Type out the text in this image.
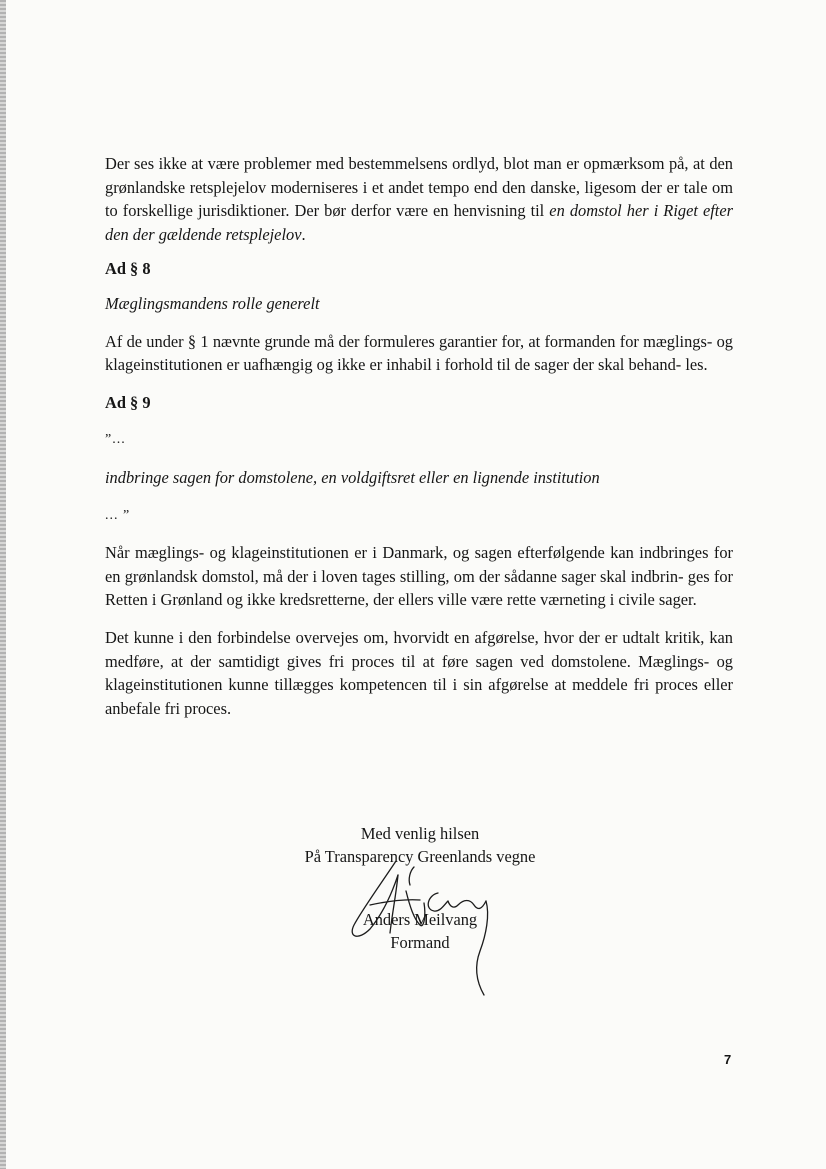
Der ses ikke at være problemer med bestemmelsens ordlyd, blot man er opmærksom på, at den grønlandske retsplejelov moderniseres i et andet tempo end den danske, ligesom der er tale om to forskellige jurisdiktioner. Der bør derfor være en henvisning til en domstol her i Riget efter den der gældende retsplejelov.

Ad § 8

Mæglingsmandens rolle generelt

Af de under § 1 nævnte grunde må der formuleres garantier for, at formanden for mæglings- og klageinstitutionen er uafhængig og ikke er inhabil i forhold til de sager der skal behand- les.

Ad § 9

”...

indbringe sagen for domstolene, en voldgiftsret eller en lignende institution

... ”

Når mæglings- og klageinstitutionen er i Danmark, og sagen efterfølgende kan indbringes for en grønlandsk domstol, må der i loven tages stilling, om der sådanne sager skal indbrin- ges for Retten i Grønland og ikke kredsretterne, der ellers ville være rette værneting i civile sager.

Det kunne i den forbindelse overvejes om, hvorvidt en afgørelse, hvor der er udtalt kritik, kan medføre, at der samtidigt gives fri proces til at føre sagen ved domstolene. Mæglings- og klageinstitutionen kunne tillægges kompetencen til i sin afgørelse at meddele fri proces eller anbefale fri proces.

Med venlig hilsen
På Transparency Greenlands vegne
Anders Meilvang
Formand
7
